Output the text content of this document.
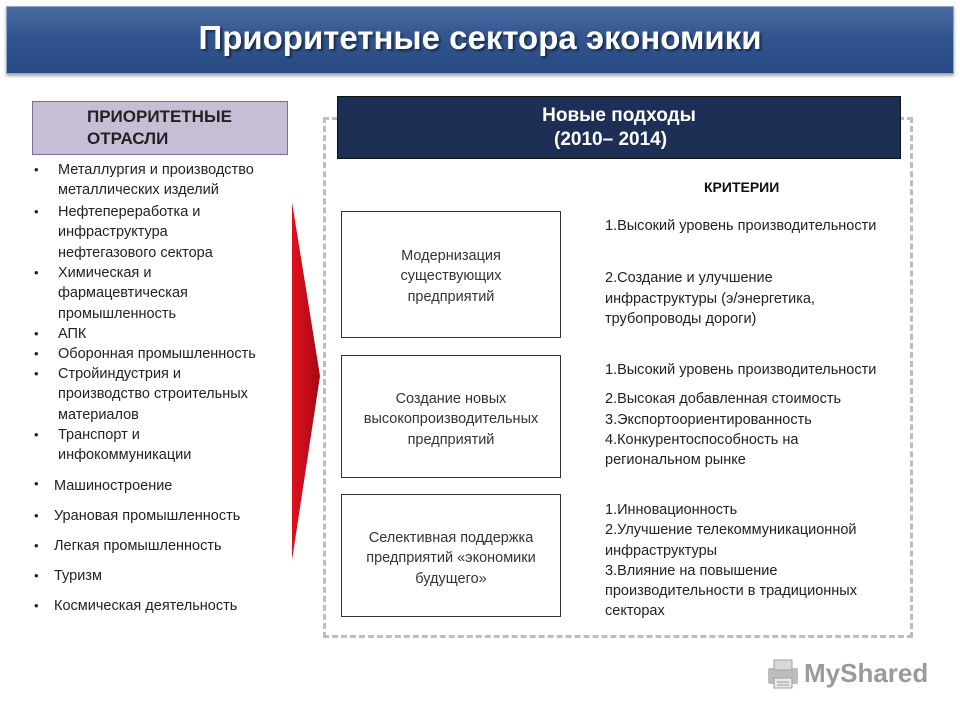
Приоритетные сектора экономики
ПРИОРИТЕТНЫЕ
ОТРАСЛИ
• Металлургия и производство
металлических изделий
• Нефтепереработка и
инфраструктура
нефтегазового сектора
• Химическая и
фармацевтическая
промышленность
• АПК
• Оборонная промышленность
• Стройиндустрия и
производство строительных
материалов
• Транспорт и
инфокоммуникации
• Машиностроение
• Урановая промышленность
• Легкая промышленность
• Туризм
• Космическая деятельность
Новые подходы
(2010– 2014)
КРИТЕРИИ
Модернизация

существующих

предприятий
Создание новых

высокопроизводительных

предприятий
Селективная поддержка

предприятий «экономики

будущего»
1.Высокий уровень производительности
2.Создание и улучшение
инфраструктуры (э/энергетика,
трубопроводы дороги)
1.Высокий уровень производительности
2.Высокая добавленная стоимость
3.Экспортоориентированность
4.Конкурентоспособность на
региональном рынке
1.Инновационность
2.Улучшение телекоммуникационной
инфраструктуры
3.Влияние на повышение
производительности в традиционных
секторах
MyShared
